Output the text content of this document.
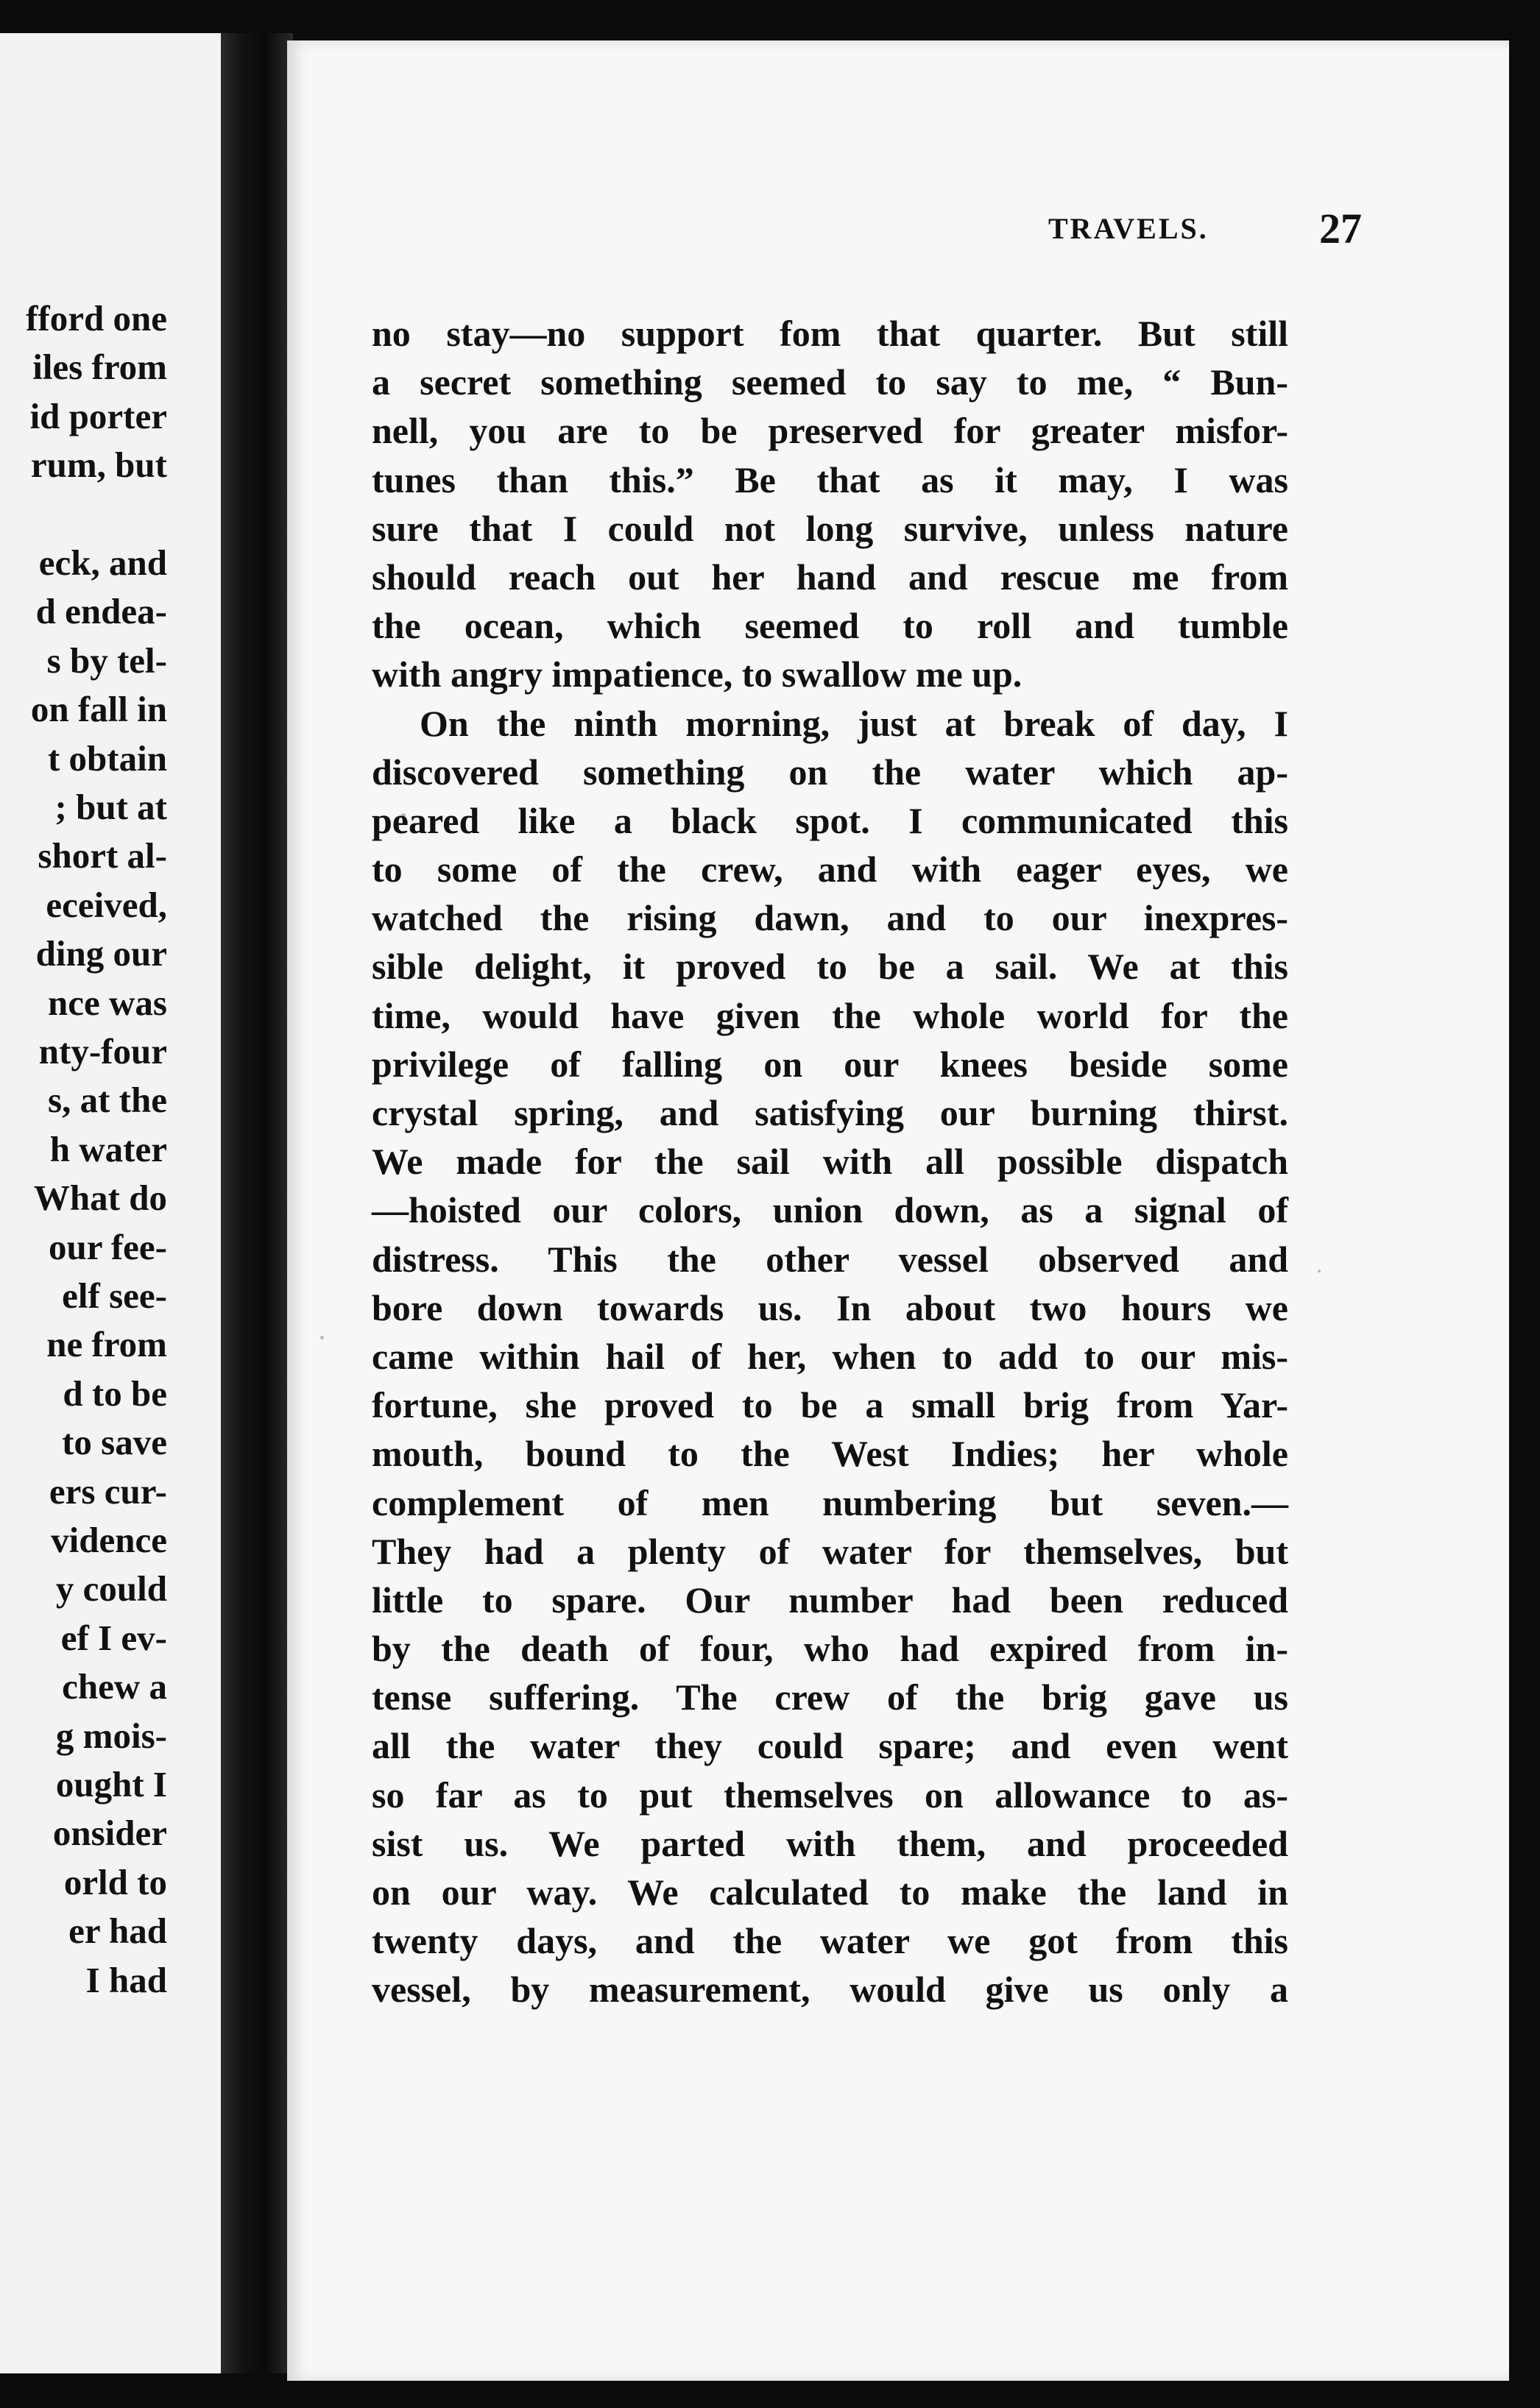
fford one
iles from
id porter
rum, but
eck, and
d endea-
s by tel-
on fall in
t obtain
; but at
short al-
eceived,
ding our
nce was
nty-four
s, at the
h water
What do
our fee-
elf see-
ne from
d to be
to save
ers cur-
vidence
y could
ef I ev-
chew a
g mois-
ought I
onsider
orld to
er had
I had
TRAVELS.	27
no stay—no support fom that quarter. But still
a secret something seemed to say to me, “ Bun-
nell, you are to be preserved for greater misfor-
tunes than this.” Be that as it may, I was
sure that I could not long survive, unless nature
should reach out her hand and rescue me from
the ocean, which seemed to roll and tumble
with angry impatience, to swallow me up.
On the ninth morning, just at break of day, I
discovered something on the water which ap-
peared like a black spot. I communicated this
to some of the crew, and with eager eyes, we
watched the rising dawn, and to our inexpres-
sible delight, it proved to be a sail. We at this
time, would have given the whole world for the
privilege of falling on our knees beside some
crystal spring, and satisfying our burning thirst.
We made for the sail with all possible dispatch
—hoisted our colors, union down, as a signal of
distress. This the other vessel observed and
bore down towards us. In about two hours we
came within hail of her, when to add to our mis-
fortune, she proved to be a small brig from Yar-
mouth, bound to the West Indies; her whole
complement of men numbering but seven.—
They had a plenty of water for themselves, but
little to spare. Our number had been reduced
by the death of four, who had expired from in-
tense suffering. The crew of the brig gave us
all the water they could spare; and even went
so far as to put themselves on allowance to as-
sist us. We parted with them, and proceeded
on our way. We calculated to make the land in
twenty days, and the water we got from this
vessel, by measurement, would give us only a
